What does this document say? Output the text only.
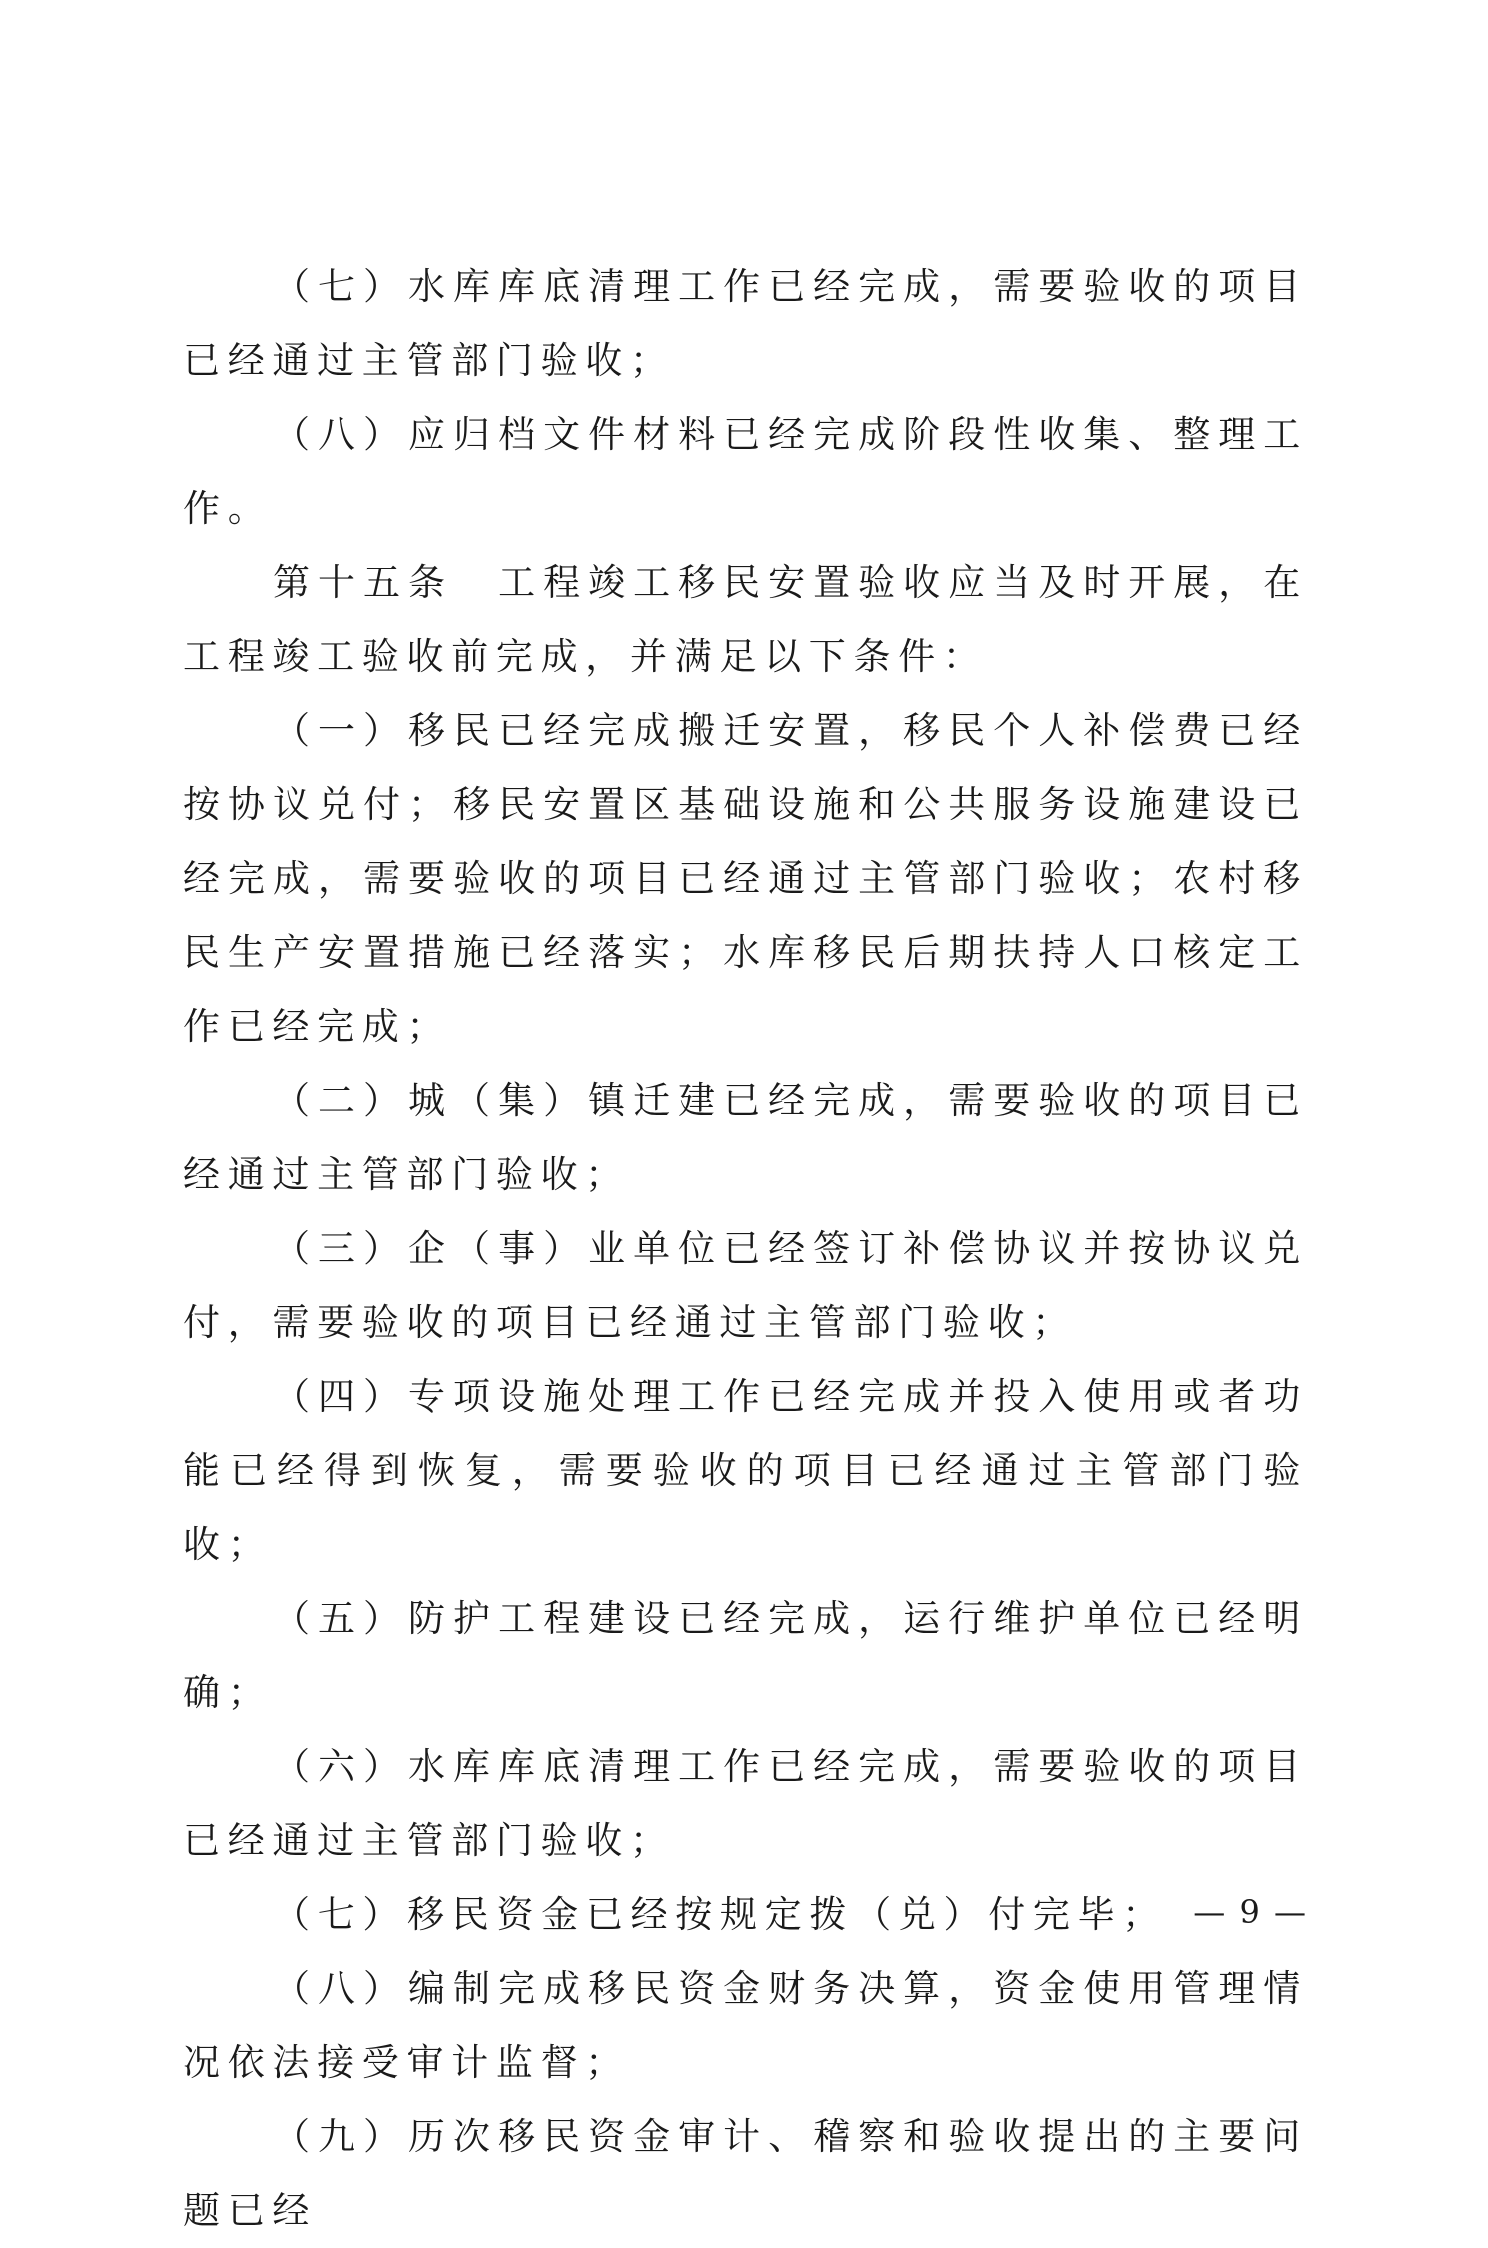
（七）水库库底清理工作已经完成，需要验收的项目已经通过主管部门验收；

（八）应归档文件材料已经完成阶段性收集、整理工作。

第十五条　工程竣工移民安置验收应当及时开展，在工程竣工验收前完成，并满足以下条件：

（一）移民已经完成搬迁安置，移民个人补偿费已经按协议兑付；移民安置区基础设施和公共服务设施建设已经完成，需要验收的项目已经通过主管部门验收；农村移民生产安置措施已经落实；水库移民后期扶持人口核定工作已经完成；

（二）城（集）镇迁建已经完成，需要验收的项目已经通过主管部门验收；

（三）企（事）业单位已经签订补偿协议并按协议兑付，需要验收的项目已经通过主管部门验收；

（四）专项设施处理工作已经完成并投入使用或者功能已经得到恢复，需要验收的项目已经通过主管部门验收；

（五）防护工程建设已经完成，运行维护单位已经明确；

（六）水库库底清理工作已经完成，需要验收的项目已经通过主管部门验收；

（七）移民资金已经按规定拨（兑）付完毕；

（八）编制完成移民资金财务决算，资金使用管理情况依法接受审计监督；

（九）历次移民资金审计、稽察和验收提出的主要问题已经

— 9 —
